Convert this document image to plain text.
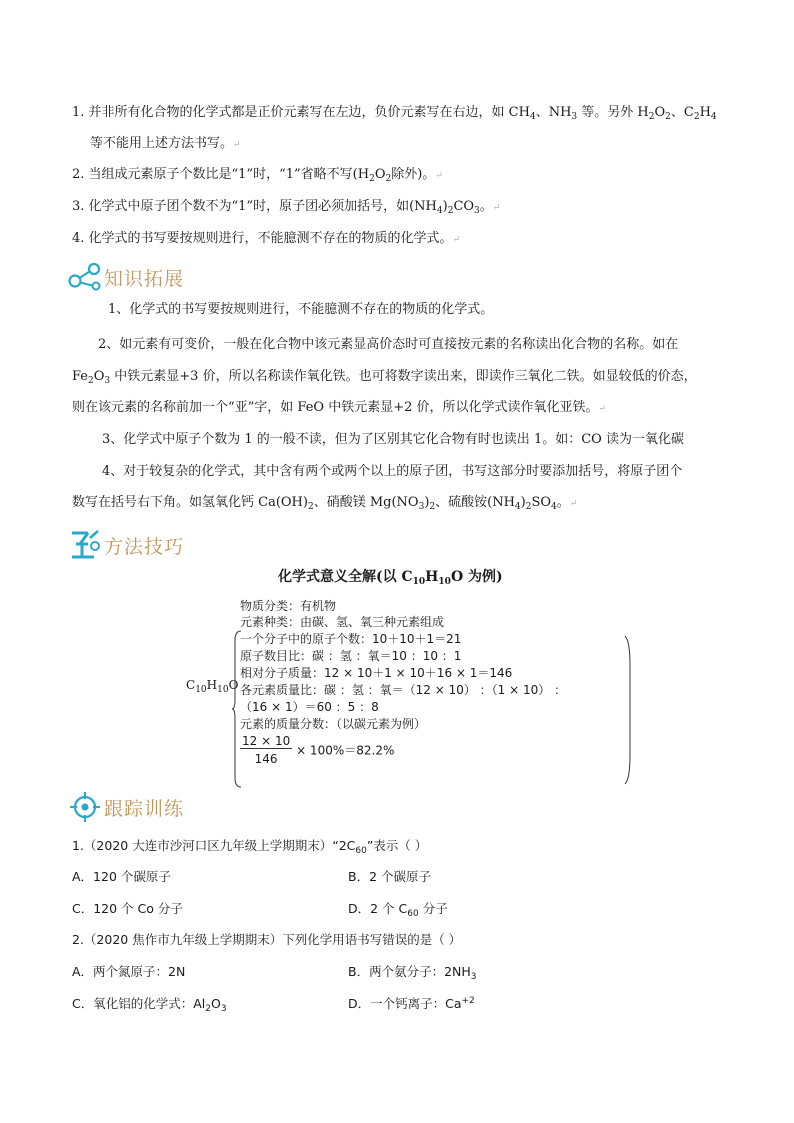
1. 并非所有化合物的化学式都是正价元素写在左边，负价元素写在右边，如 $CH_4$、$NH_3$ 等。另外 $H_2O_2$、$C_2H_4$
等不能用上述方法书写。↵
2. 当组成元素原子个数比是“1”时，“1”省略不写($H_2O_2$除外)。↵
3. 化学式中原子团个数不为“1”时，原子团必须加括号，如$(NH_4)_2CO_3$。↵
4. 化学式的书写要按规则进行，不能臆测不存在的物质的化学式。↵
知识拓展
1、化学式的书写要按规则进行，不能臆测不存在的物质的化学式。
2、如元素有可变价，一般在化合物中该元素显高价态时可直接按元素的名称读出化合物的名称。如在
$Fe_2O_3$ 中铁元素显+3 价，所以名称读作氧化铁。也可将数字读出来，即读作三氧化二铁。如显较低的价态，
则在该元素的名称前加一个“亚”字，如 FeO 中铁元素显+2 价，所以化学式读作氧化亚铁。↵
3、化学式中原子个数为 1 的一般不读，但为了区别其它化合物有时也读出 1。如：CO 读为一氧化碳
4、对于较复杂的化学式，其中含有两个或两个以上的原子团，书写这部分时要添加括号，将原子团个
数写在括号右下角。如氢氧化钙 $Ca(OH)_2$、硝酸镁 $Mg(NO_3)_2$、硫酸铵$(NH_4)_2SO_4$。↵
方法技巧
化学式意义全解(以 $C_{10}H_{10}O$ 为例)
$C_{10}H_{10}O$
物质分类：有机物
元素种类：由碳、氢、氧三种元素组成
一个分子中的原子个数：10＋10＋1＝21
原子数目比：碳 ：氢 ：氧＝10 ：10 ：1
相对分子质量：12 × 10＋1 × 10＋16 × 1＝146
各元素质量比：碳 ：氢 ：氧＝（12 × 10） ：（1 × 10） ：
（16 × 1）＝60 ：5 ：8
元素的质量分数：（以碳元素为例）
$\frac{12 \times 10}{146} \times 100\%=82.2\%$
跟踪训练
1.（2020 大连市沙河口区九年级上学期期末）“$2C_{60}$”表示（ ）
A．120 个碳原子	B．2 个碳原子
C．120 个 Co 分子	D．2 个 $C_{60}$ 分子
2.（2020 焦作市九年级上学期期末）下列化学用语书写错误的是（ ）
A．两个氮原子：2N	B．两个氨分子：$2NH_3$
C．氧化铝的化学式：$Al_2O_3$	D．一个钙离子：$Ca^{+2}$
